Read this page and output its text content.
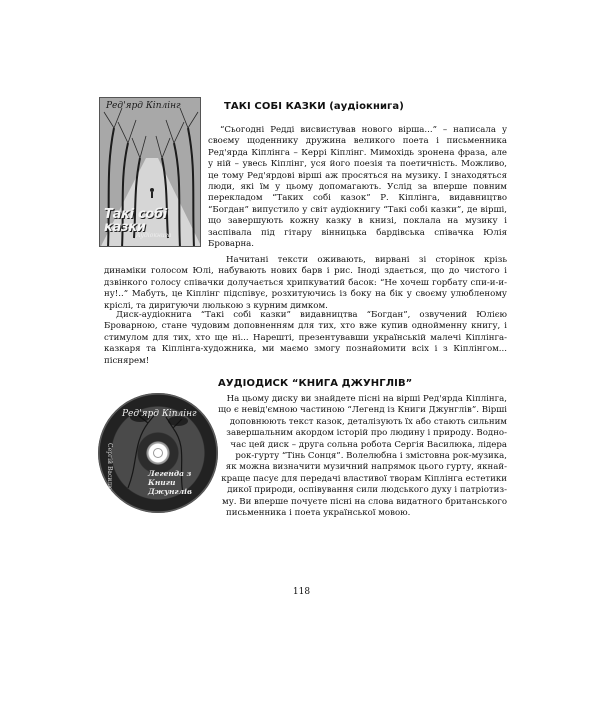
Ред'ярд Кіплінг
Такі собі казки
Аудіокнига
ТАКІ СОБІ КАЗКИ (аудіокнига)

“Сьогодні Редді висвистував нового вірша...” – написала у своєму щоденнику дружина великого поета і письменника Ред'ярда Кіплінга – Керрі Кіплінг. Мимохідь зронена фраза, але у ній – увесь Кіплінг, уся його поезія та поетичність. Можливо, це тому Ред'ярдові вірші аж просяться на музику. І знаходяться люди, які їм у цьому допомагають. Услід за вперше повним перекладом “Таких собі казок” Р. Кіплінга, видавництво “Богдан” випустило у світ аудіокнигу “Такі собі казки”, де вірші, що завершують кожну казку в книзі, поклала на музику і заспівала під гітару вінницька бардівська співачка Юлія Броварна.

Начитані тексти оживають, вирвані зі сторінок крізь динаміки голосом Юлі, набувають нових барв і рис. Іноді здається, що до чистого і дзвінкого голосу співачки долучається хрипкуватий басок: “Не хочеш горбату спи-и-и-ну!..” Мабуть, це Кіплінг підспівує, розхитуючись із боку на бік у своєму улюбленому кріслі, та диригуючи люлькою з курним димком.

Диск-аудіокнига “Такі собі казки” видавництва “Богдан”, озвучений Юлією Броварною, стане чудовим доповненням для тих, хто вже купив однойменну книгу, і стимулом для тих, хто ще ні... Нарешті, презентувавши українській малечі Кіплінга-казкаря та Кіплінга-художника, ми маємо змогу познайомити всіх і з Кіплінгом... піснярем!

Ред'ярд Кіплінг
Сергій Василюк	Легенда з Книги Джунглів
АУДІОДИСК “КНИГА ДЖУНГЛІВ”
На цьому диску ви знайдете пісні на вірші Ред'ярда Кіплінга,
що є невід'ємною частиною “Легенд із Книги Джунглів”. Вірші
доповнюють текст казок, деталізують їх або стають сильним
завершальним акордом історій про людину і природу. Водно-
час цей диск – друга сольна робота Сергія Василюка, лідера
рок-гурту “Тінь Сонця”. Волелюбна і змістовна рок-музика,
як можна визначити музичний напрямок цього гурту, якнай-
краще пасує для передачі властивої творам Кіплінга естетики
дикої природи, оспівування сили людського духу і патріотиз-
му. Ви вперше почуєте пісні на слова видатного британського
письменника і поета української мовою.
118
